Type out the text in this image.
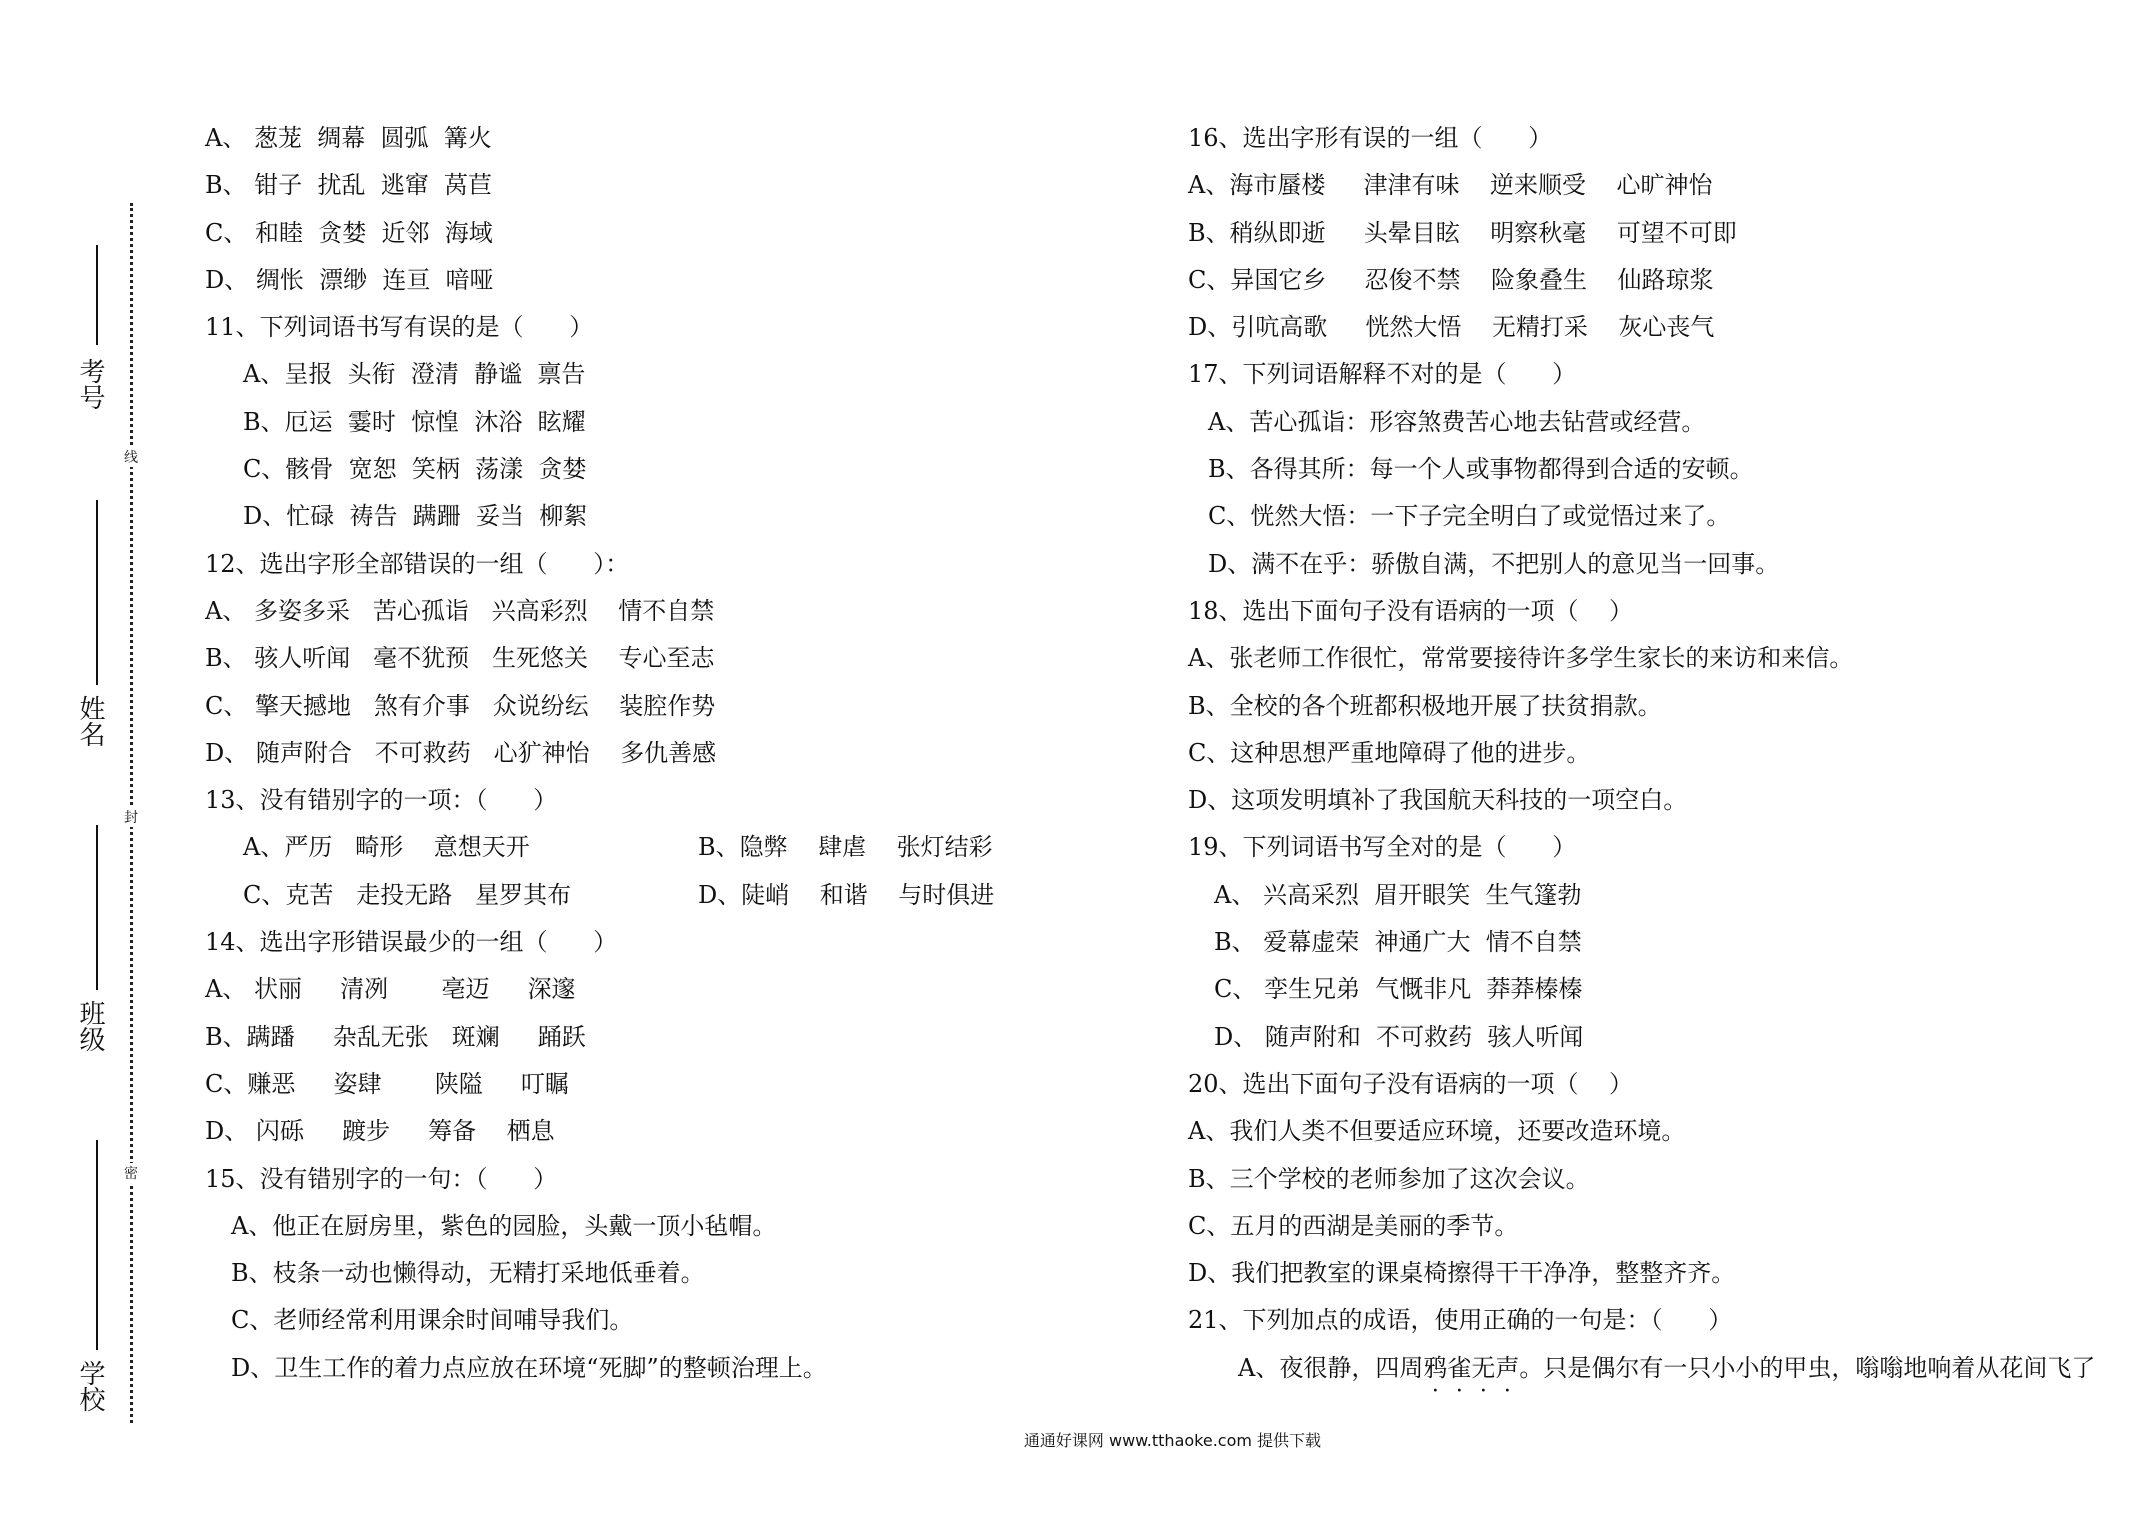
考号
姓名
班级
学校
线
封
密
A、 葱茏  绸幕  圆弧  篝火
B、 钳子  扰乱  逃窜  莴苣
C、 和睦  贪婪  近邻  海域
D、 绸怅  漂缈  连亘  喑哑
11、下列词语书写有误的是（      ）
A、呈报  头衔  澄清  静谧  禀告
B、厄运  霎时  惊惶  沐浴  眩耀
C、骸骨  宽恕  笑柄  荡漾  贪婪
D、忙碌  祷告  蹒跚  妥当  柳絮
12、选出字形全部错误的一组（      ）：
A、 多姿多采   苦心孤诣   兴高彩烈    情不自禁
B、 骇人听闻   毫不犹预   生死悠关    专心至志
C、 擎天撼地   煞有介事   众说纷纭    装腔作势
D、 随声附合   不可救药   心犷神怡    多仇善感
13、没有错别字的一项：（      ）
A、严历   畸形    意想天开	B、隐弊    肆虐    张灯结彩
C、克苦   走投无路   星罗其布	D、陡峭    和谐    与时俱进
14、选出字形错误最少的一组（      ）
A、 状丽     清冽       亳迈     深邃
B、蹒蹯     杂乱无张   斑斓     踊跃
C、赚恶     姿肆       陕隘     叮瞩
D、 闪砾     踱步     筹备    栖息
15、没有错别字的一句：（      ）
A、他正在厨房里，紫色的园脸，头戴一顶小毡帽。
B、枝条一动也懒得动，无精打采地低垂着。
C、老师经常利用课余时间哺导我们。
D、卫生工作的着力点应放在环境“死脚”的整顿治理上。
16、选出字形有误的一组（      ）
A、海市蜃楼     津津有味    逆来顺受    心旷神怡
B、稍纵即逝     头晕目眩    明察秋毫    可望不可即
C、异国它乡     忍俊不禁    险象叠生    仙路琼浆
D、引吭高歌     恍然大悟    无精打采    灰心丧气
17、下列词语解释不对的是（      ）
A、苦心孤诣：形容煞费苦心地去钻营或经营。
B、各得其所：每一个人或事物都得到合适的安顿。
C、恍然大悟：一下子完全明白了或觉悟过来了。
D、满不在乎：骄傲自满，不把别人的意见当一回事。
18、选出下面句子没有语病的一项（    ）
A、张老师工作很忙，常常要接待许多学生家长的来访和来信。
B、全校的各个班都积极地开展了扶贫捐款。
C、这种思想严重地障碍了他的进步。
D、这项发明填补了我国航天科技的一项空白。
19、下列词语书写全对的是（      ）
A、 兴高采烈  眉开眼笑  生气篷勃
B、 爱幕虚荣  神通广大  情不自禁
C、 孪生兄弟  气慨非凡  莽莽榛榛
D、 随声附和  不可救药  骇人听闻
20、选出下面句子没有语病的一项（    ）
A、我们人类不但要适应环境，还要改造环境。
B、三个学校的老师参加了这次会议。
C、五月的西湖是美丽的季节。
D、我们把教室的课桌椅擦得干干净净，整整齐齐。
21、下列加点的成语，使用正确的一句是：（      ）
A、夜很静，四周鸦雀无声。只是偶尔有一只小小的甲虫，嗡嗡地响着从花间飞了
通通好课网 www.tthaoke.com 提供下载
